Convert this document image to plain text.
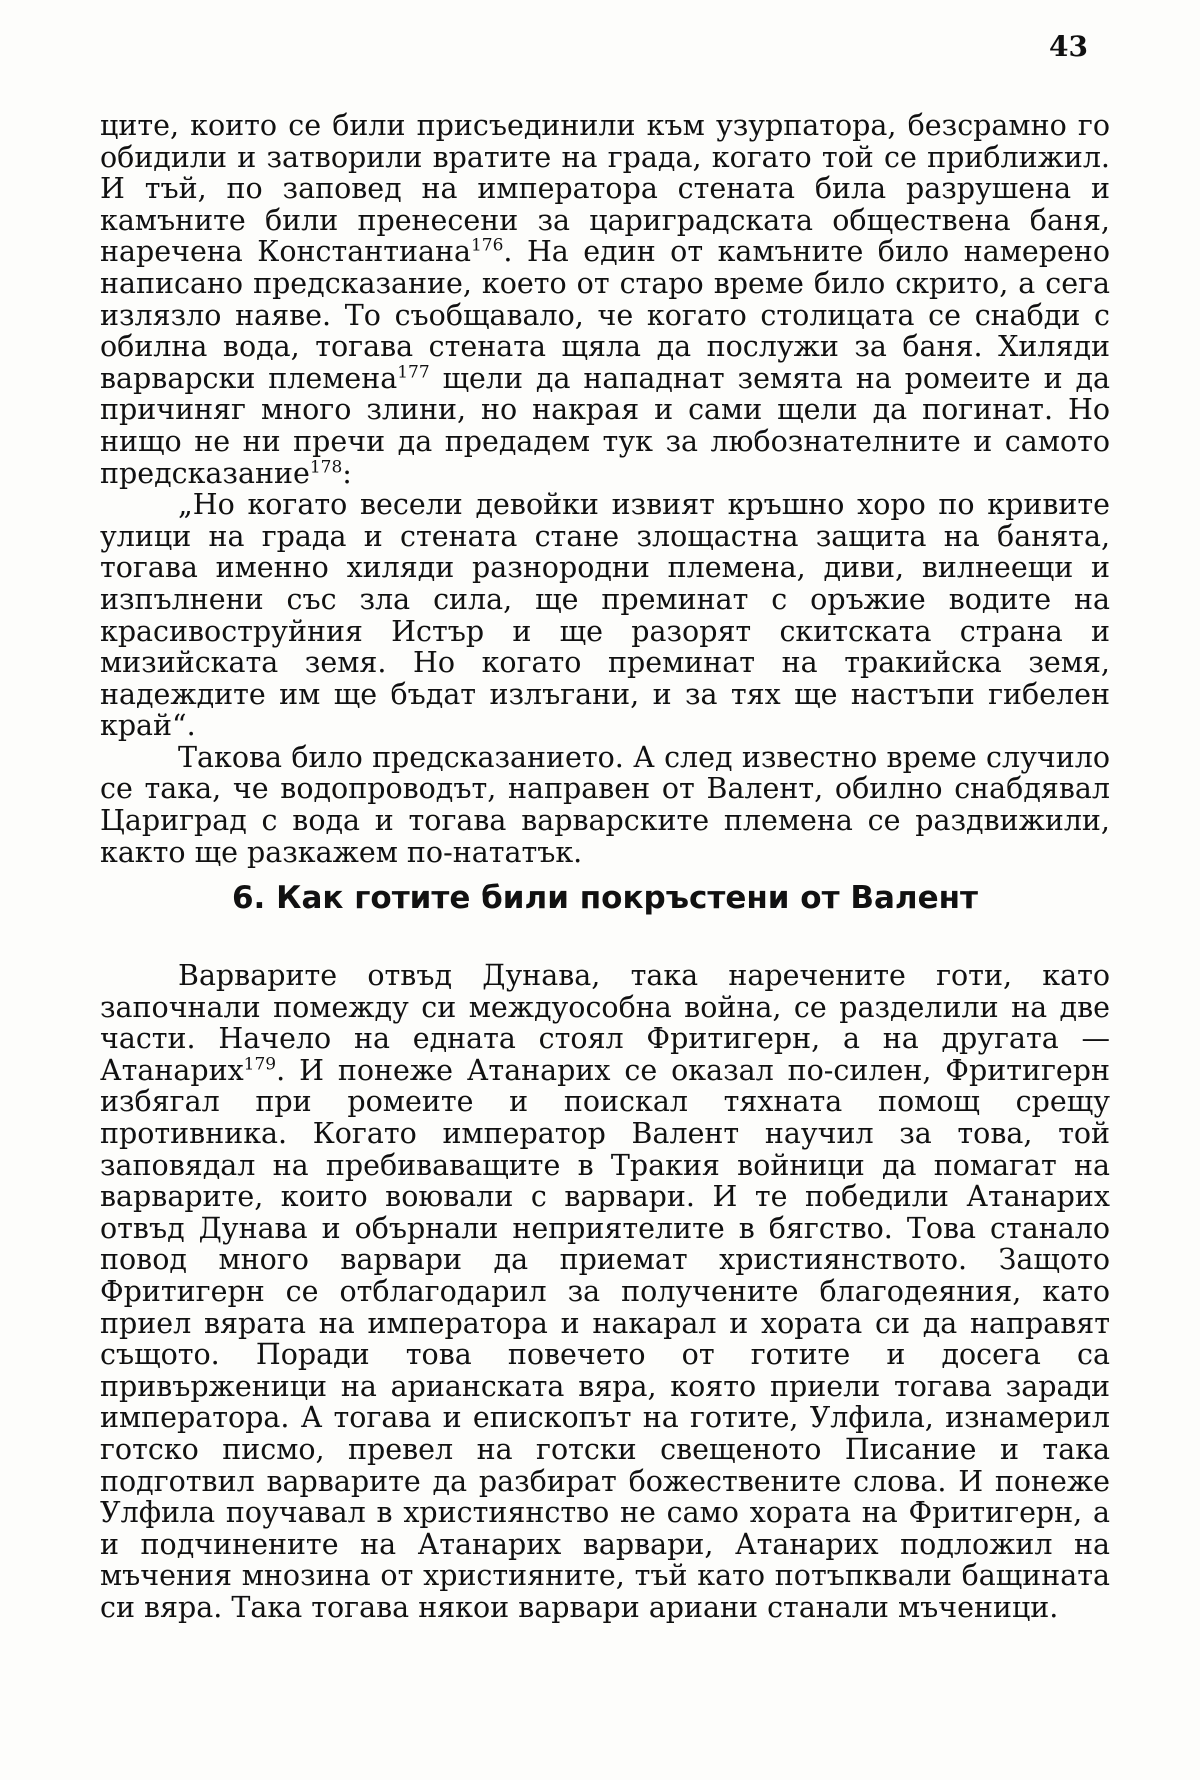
43

ците, които се били присъединили към узурпатора, безсрамно го обидили и затворили вратите на града, когато той се приближил. И тъй, по заповед на императора стената била разрушена и камъните били пренесени за цариградската обществена баня, наречена Константиана$^{176}$. На един от камъните било намерено написано предсказание, което от старо време било скрито, а сега излязло наяве. То съобщавало, че когато столицата се снабди с обилна вода, тогава стената щяла да послужи за баня. Хиляди варварски племена$^{177}$ щели да нападнат земята на ромеите и да причиняг много злини, но накрая и сами щели да погинат. Но нищо не ни пречи да предадем тук за любознателните и самото предсказание$^{178}$:

„Но когато весели девойки извият кръшно хоро по кривите улици на града и стената стане злощастна защита на банята, тогава именно хиляди разнородни племена, диви, вилнеещи и изпълнени със зла сила, ще преминат с оръжие водите на красивоструйния Истър и ще разорят скитската страна и мизийската земя. Но когато преминат на тракийска земя, надеждите им ще бъдат излъгани, и за тях ще настъпи гибелен край“.

Такова било предсказанието. А след известно време случило се така, че водопроводът, направен от Валент, обилно снабдявал Цариград с вода и тогава варварските племена се раздвижили, както ще разкажем по-нататък.

6. Как готите били покръстени от Валент

Варварите отвъд Дунава, така наречените готи, като започнали помежду си междуособна война, се разделили на две части. Начело на едната стоял Фритигерн, а на другата — Атанарих$^{179}$. И понеже Атанарих се оказал по-силен, Фритигерн избягал при ромеите и поискал тяхната помощ срещу противника. Когато император Валент научил за това, той заповядал на пребиваващите в Тракия войници да помагат на варварите, които воювали с варвари. И те победили Атанарих отвъд Дунава и обърнали неприятелите в бягство. Това станало повод много варвари да приемат християнството. Защото Фритигерн се отблагодарил за получените благодеяния, като приел вярата на императора и накарал и хората си да направят същото. Поради това повечето от готите и досега са привърженици на арианската вяра, която приели тогава заради императора. А тогава и епископът на готите, Улфила, изнамерил готско писмо, превел на готски свещеното Писание и така подготвил варварите да разбират божествените слова. И понеже Улфила поучавал в християнство не само хората на Фритигерн, а и подчинените на Атанарих варвари, Атанарих подложил на мъчения мнозина от християните, тъй като потъпквали бащината си вяра. Така тогава някои варвари ариани станали мъченици.
